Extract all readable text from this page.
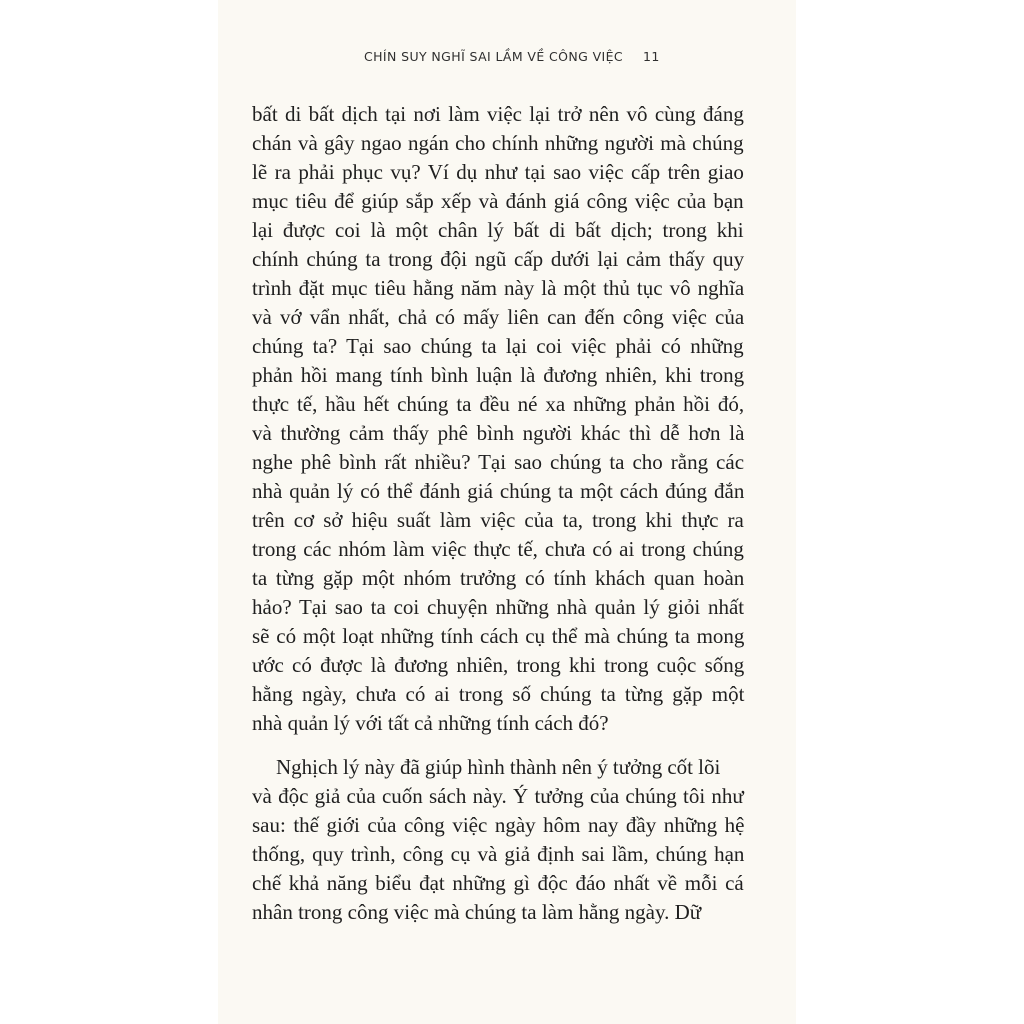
CHÍN SUY NGHĨ SAI LẦM VỀ CÔNG VIỆC 11
bất di bất dịch tại nơi làm việc lại trở nên vô cùng đáng
chán và gây ngao ngán cho chính những người mà chúng
lẽ ra phải phục vụ? Ví dụ như tại sao việc cấp trên giao
mục tiêu để giúp sắp xếp và đánh giá công việc của bạn
lại được coi là một chân lý bất di bất dịch; trong khi
chính chúng ta trong đội ngũ cấp dưới lại cảm thấy quy
trình đặt mục tiêu hằng năm này là một thủ tục vô nghĩa
và vớ vẩn nhất, chả có mấy liên can đến công việc của
chúng ta? Tại sao chúng ta lại coi việc phải có những
phản hồi mang tính bình luận là đương nhiên, khi trong
thực tế, hầu hết chúng ta đều né xa những phản hồi đó,
và thường cảm thấy phê bình người khác thì dễ hơn là
nghe phê bình rất nhiều? Tại sao chúng ta cho rằng các
nhà quản lý có thể đánh giá chúng ta một cách đúng đắn
trên cơ sở hiệu suất làm việc của ta, trong khi thực ra
trong các nhóm làm việc thực tế, chưa có ai trong chúng
ta từng gặp một nhóm trưởng có tính khách quan hoàn
hảo? Tại sao ta coi chuyện những nhà quản lý giỏi nhất
sẽ có một loạt những tính cách cụ thể mà chúng ta mong
ước có được là đương nhiên, trong khi trong cuộc sống
hằng ngày, chưa có ai trong số chúng ta từng gặp một
nhà quản lý với tất cả những tính cách đó?
Nghịch lý này đã giúp hình thành nên ý tưởng cốt lõi
và độc giả của cuốn sách này. Ý tưởng của chúng tôi như
sau: thế giới của công việc ngày hôm nay đầy những hệ
thống, quy trình, công cụ và giả định sai lầm, chúng hạn
chế khả năng biểu đạt những gì độc đáo nhất về mỗi cá
nhân trong công việc mà chúng ta làm hằng ngày. Dữ
